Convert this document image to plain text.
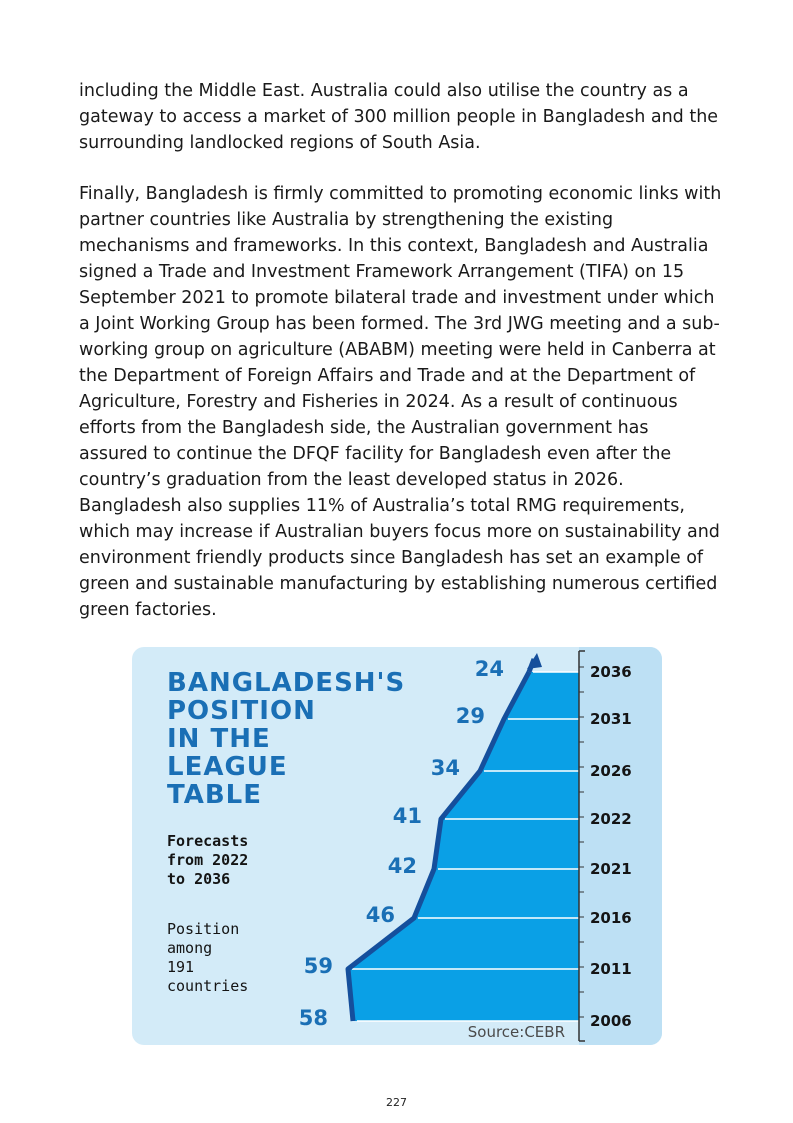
including the Middle East. Australia could also utilise the country as a
gateway to access a market of 300 million people in Bangladesh and the
surrounding landlocked regions of South Asia.
Finally, Bangladesh is firmly committed to promoting economic links with
partner countries like Australia by strengthening the existing
mechanisms and frameworks. In this context, Bangladesh and Australia
signed a Trade and Investment Framework Arrangement (TIFA) on 15
September 2021 to promote bilateral trade and investment under which
a Joint Working Group has been formed. The 3rd JWG meeting and a sub-
working group on agriculture (ABABM) meeting were held in Canberra at
the Department of Foreign Affairs and Trade and at the Department of
Agriculture, Forestry and Fisheries in 2024. As a result of continuous
efforts from the Bangladesh side, the Australian government has
assured to continue the DFQF facility for Bangladesh even after the
country’s graduation from the least developed status in 2026.
Bangladesh also supplies 11% of Australia’s total RMG requirements,
which may increase if Australian buyers focus more on sustainability and
environment friendly products since Bangladesh has set an example of
green and sustainable manufacturing by establishing numerous certified
green factories.
2006
2011
2016
2021
2022
2026
2031
2036
58
59
46
42
41
34
29
24
Source:CEBR
BANGLADESH'S
POSITION
IN THE
LEAGUE
TABLE
Forecasts
from 2022
to 2036
Position
among
191
countries
227
